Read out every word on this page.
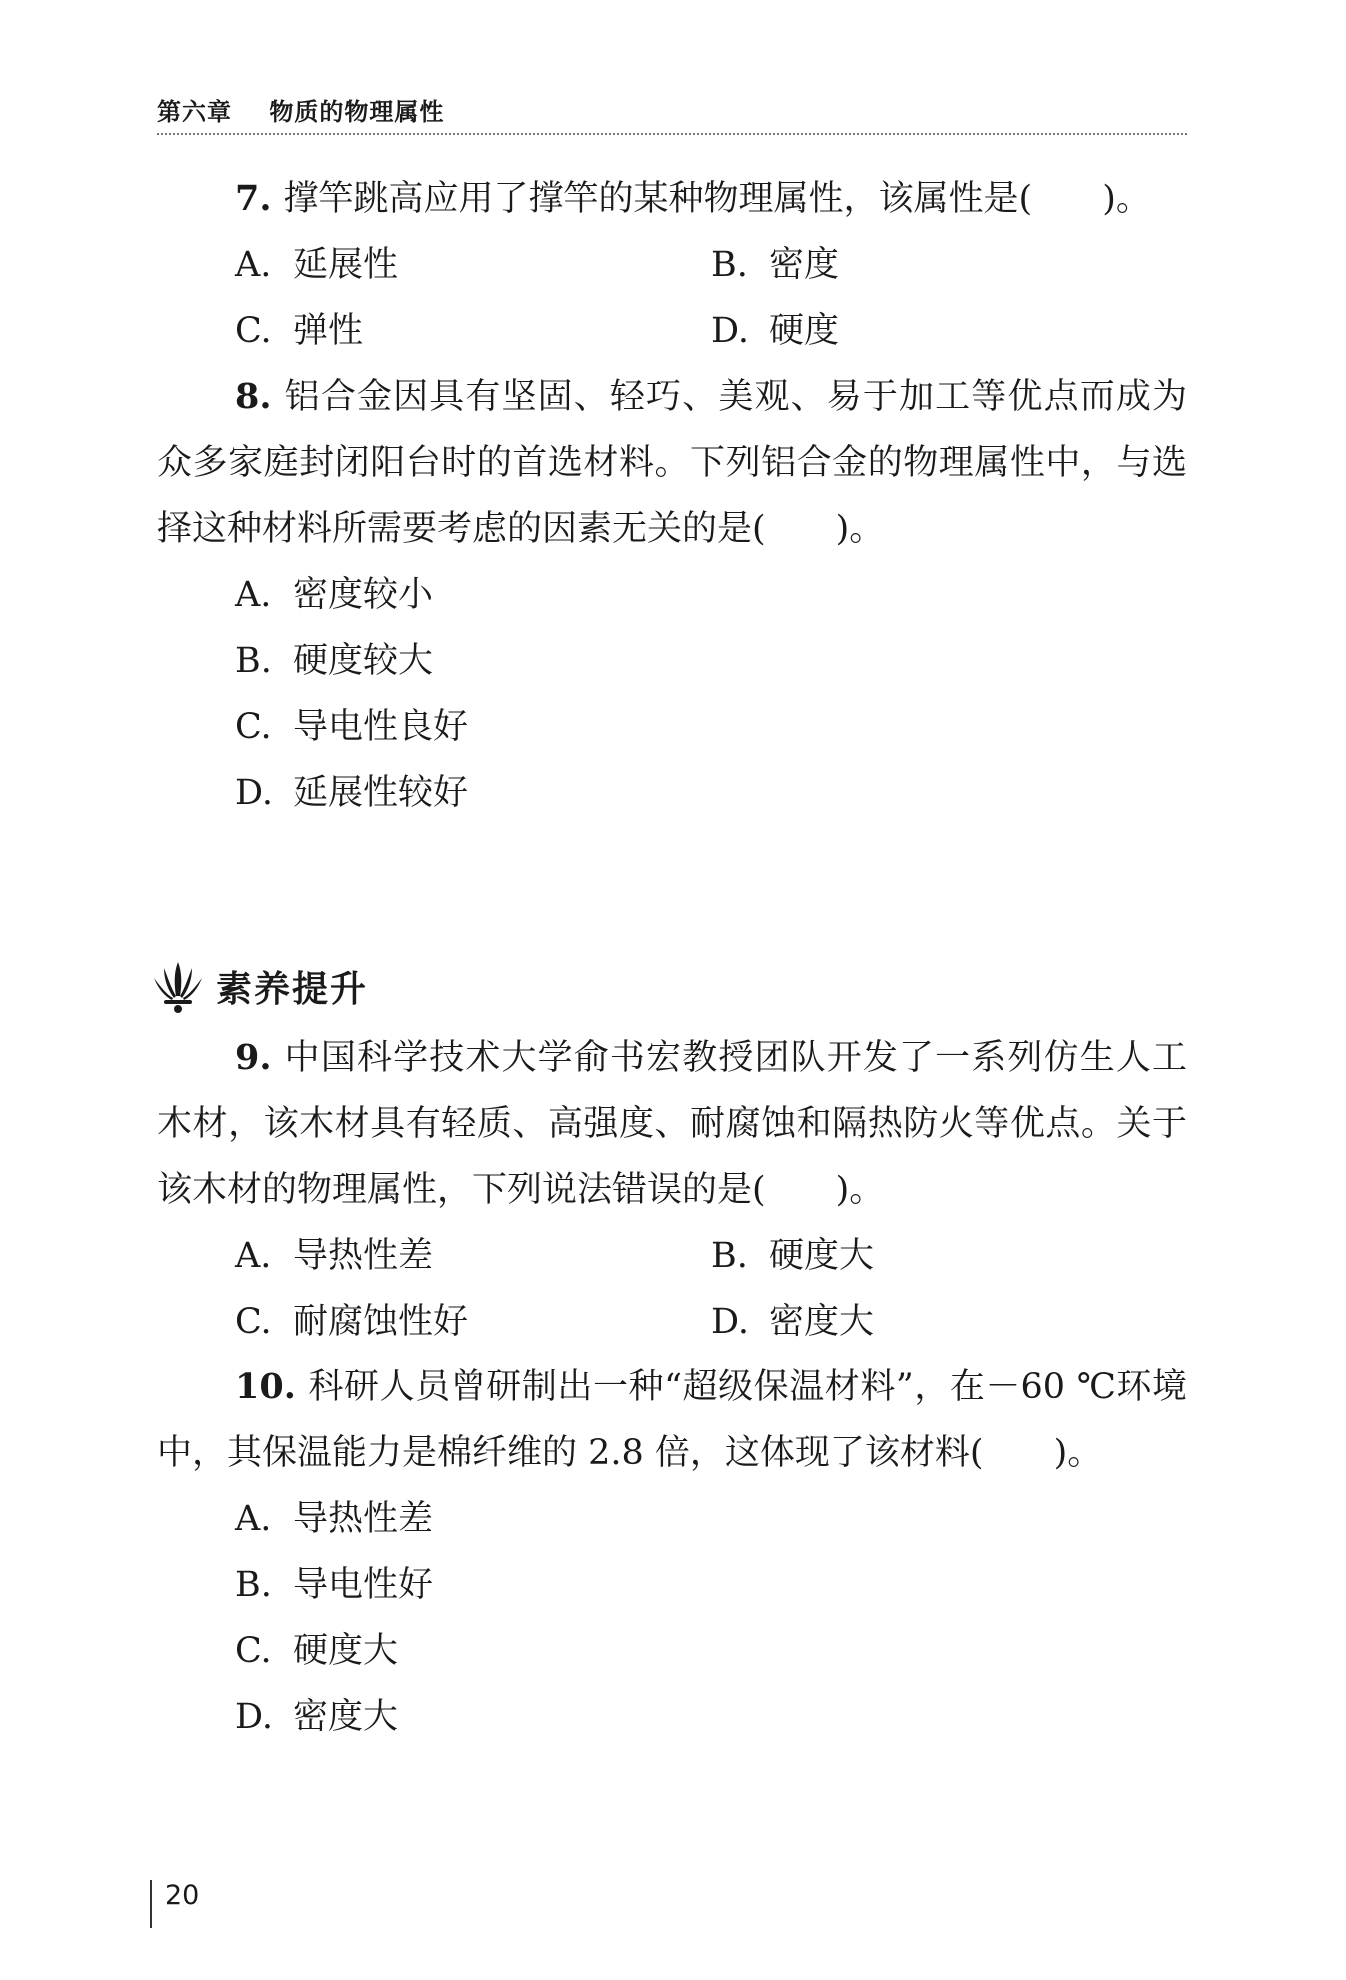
第六章 物质的物理属性

7. 撑竿跳高应用了撑竿的某种物理属性，该属性是(　　)。

A. 延展性	B. 密度
C. 弹性	D. 硬度

8. 铝合金因具有坚固、轻巧、美观、易于加工等优点而成为众多家庭封闭阳台时的首选材料。下列铝合金的物理属性中，与选择这种材料所需要考虑的因素无关的是(　　)。

A. 密度较小
B. 硬度较大
C. 导电性良好
D. 延展性较好
素养提升

9. 中国科学技术大学俞书宏教授团队开发了一系列仿生人工木材，该木材具有轻质、高强度、耐腐蚀和隔热防火等优点。关于该木材的物理属性，下列说法错误的是(　　)。

A. 导热性差	B. 硬度大
C. 耐腐蚀性好	D. 密度大

10. 科研人员曾研制出一种“超级保温材料”，在－60 ℃环境中，其保温能力是棉纤维的 2.8 倍，这体现了该材料(　　)。

A. 导热性差
B. 导电性好
C. 硬度大
D. 密度大
20
